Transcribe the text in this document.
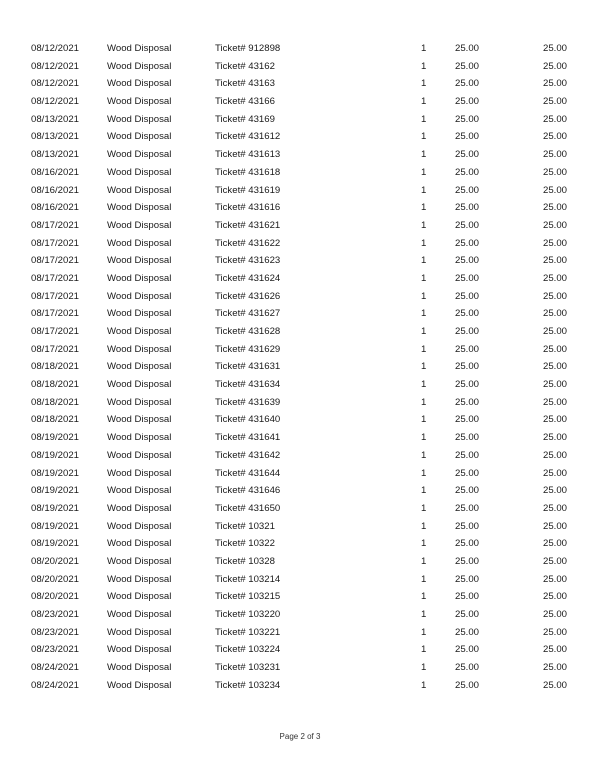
08/12/2021	Wood Disposal	Ticket# 912898	1	25.00	25.00
08/12/2021	Wood Disposal	Ticket# 43162	1	25.00	25.00
08/12/2021	Wood Disposal	Ticket# 43163	1	25.00	25.00
08/12/2021	Wood Disposal	Ticket# 43166	1	25.00	25.00
08/13/2021	Wood Disposal	Ticket# 43169	1	25.00	25.00
08/13/2021	Wood Disposal	Ticket# 431612	1	25.00	25.00
08/13/2021	Wood Disposal	Ticket# 431613	1	25.00	25.00
08/16/2021	Wood Disposal	Ticket# 431618	1	25.00	25.00
08/16/2021	Wood Disposal	Ticket# 431619	1	25.00	25.00
08/16/2021	Wood Disposal	Ticket# 431616	1	25.00	25.00
08/17/2021	Wood Disposal	Ticket# 431621	1	25.00	25.00
08/17/2021	Wood Disposal	Ticket# 431622	1	25.00	25.00
08/17/2021	Wood Disposal	Ticket# 431623	1	25.00	25.00
08/17/2021	Wood Disposal	Ticket# 431624	1	25.00	25.00
08/17/2021	Wood Disposal	Ticket# 431626	1	25.00	25.00
08/17/2021	Wood Disposal	Ticket# 431627	1	25.00	25.00
08/17/2021	Wood Disposal	Ticket# 431628	1	25.00	25.00
08/17/2021	Wood Disposal	Ticket# 431629	1	25.00	25.00
08/18/2021	Wood Disposal	Ticket# 431631	1	25.00	25.00
08/18/2021	Wood Disposal	Ticket# 431634	1	25.00	25.00
08/18/2021	Wood Disposal	Ticket# 431639	1	25.00	25.00
08/18/2021	Wood Disposal	Ticket# 431640	1	25.00	25.00
08/19/2021	Wood Disposal	Ticket# 431641	1	25.00	25.00
08/19/2021	Wood Disposal	Ticket# 431642	1	25.00	25.00
08/19/2021	Wood Disposal	Ticket# 431644	1	25.00	25.00
08/19/2021	Wood Disposal	Ticket# 431646	1	25.00	25.00
08/19/2021	Wood Disposal	Ticket# 431650	1	25.00	25.00
08/19/2021	Wood Disposal	Ticket# 10321	1	25.00	25.00
08/19/2021	Wood Disposal	Ticket# 10322	1	25.00	25.00
08/20/2021	Wood Disposal	Ticket# 10328	1	25.00	25.00
08/20/2021	Wood Disposal	Ticket# 103214	1	25.00	25.00
08/20/2021	Wood Disposal	Ticket# 103215	1	25.00	25.00
08/23/2021	Wood Disposal	Ticket# 103220	1	25.00	25.00
08/23/2021	Wood Disposal	Ticket# 103221	1	25.00	25.00
08/23/2021	Wood Disposal	Ticket# 103224	1	25.00	25.00
08/24/2021	Wood Disposal	Ticket# 103231	1	25.00	25.00
08/24/2021	Wood Disposal	Ticket# 103234	1	25.00	25.00
Page 2 of 3
